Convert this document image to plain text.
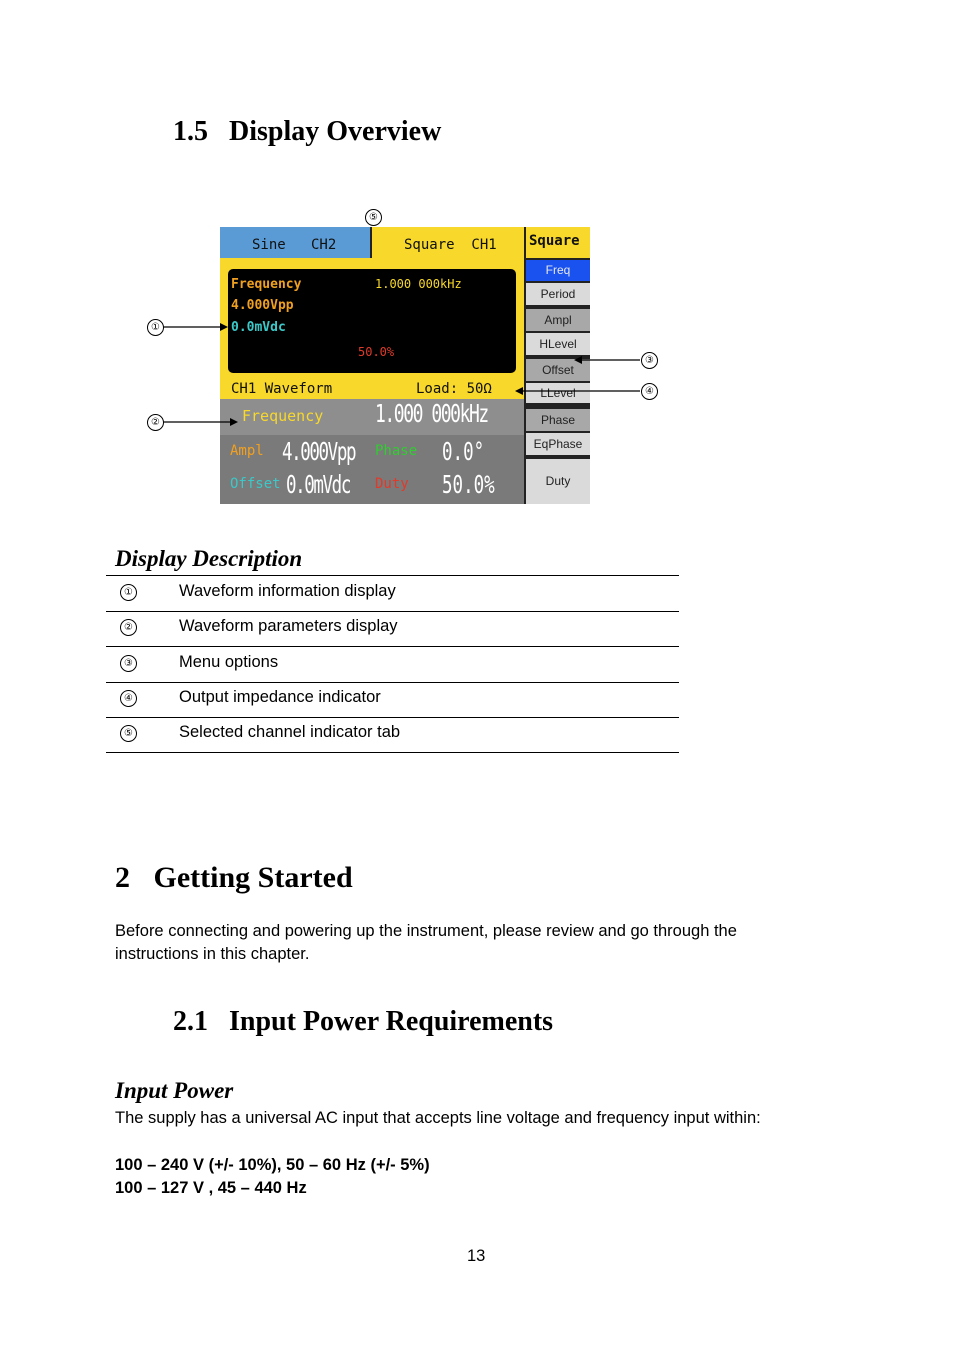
1.5 Display Overview
⑤
Sine   CH2	Square  CH1
Frequency
4.000Vpp
0.0mVdc
1.000 000kHz
50.0%
CH1 Waveform	Load: 50Ω
Frequency 1.000 000kHz
Ampl 4.000Vpp Phase 0.0°
Offset 0.0mVdc Duty 50.0%
Square
Freq
Period
Ampl
HLevel
Offset
LLevel
Phase
EqPhase
Duty
①
②
③
④
Display Description
①	Waveform information display
②	Waveform parameters display
③	Menu options
④	Output impedance indicator
⑤	Selected channel indicator tab
2 Getting Started
Before connecting and powering up the instrument, please review and go through the instructions in this chapter.
2.1 Input Power Requirements
Input Power
The supply has a universal AC input that accepts line voltage and frequency input within:
100 – 240 V (+/- 10%), 50 – 60 Hz (+/- 5%)
100 – 127 V , 45 – 440 Hz
13
